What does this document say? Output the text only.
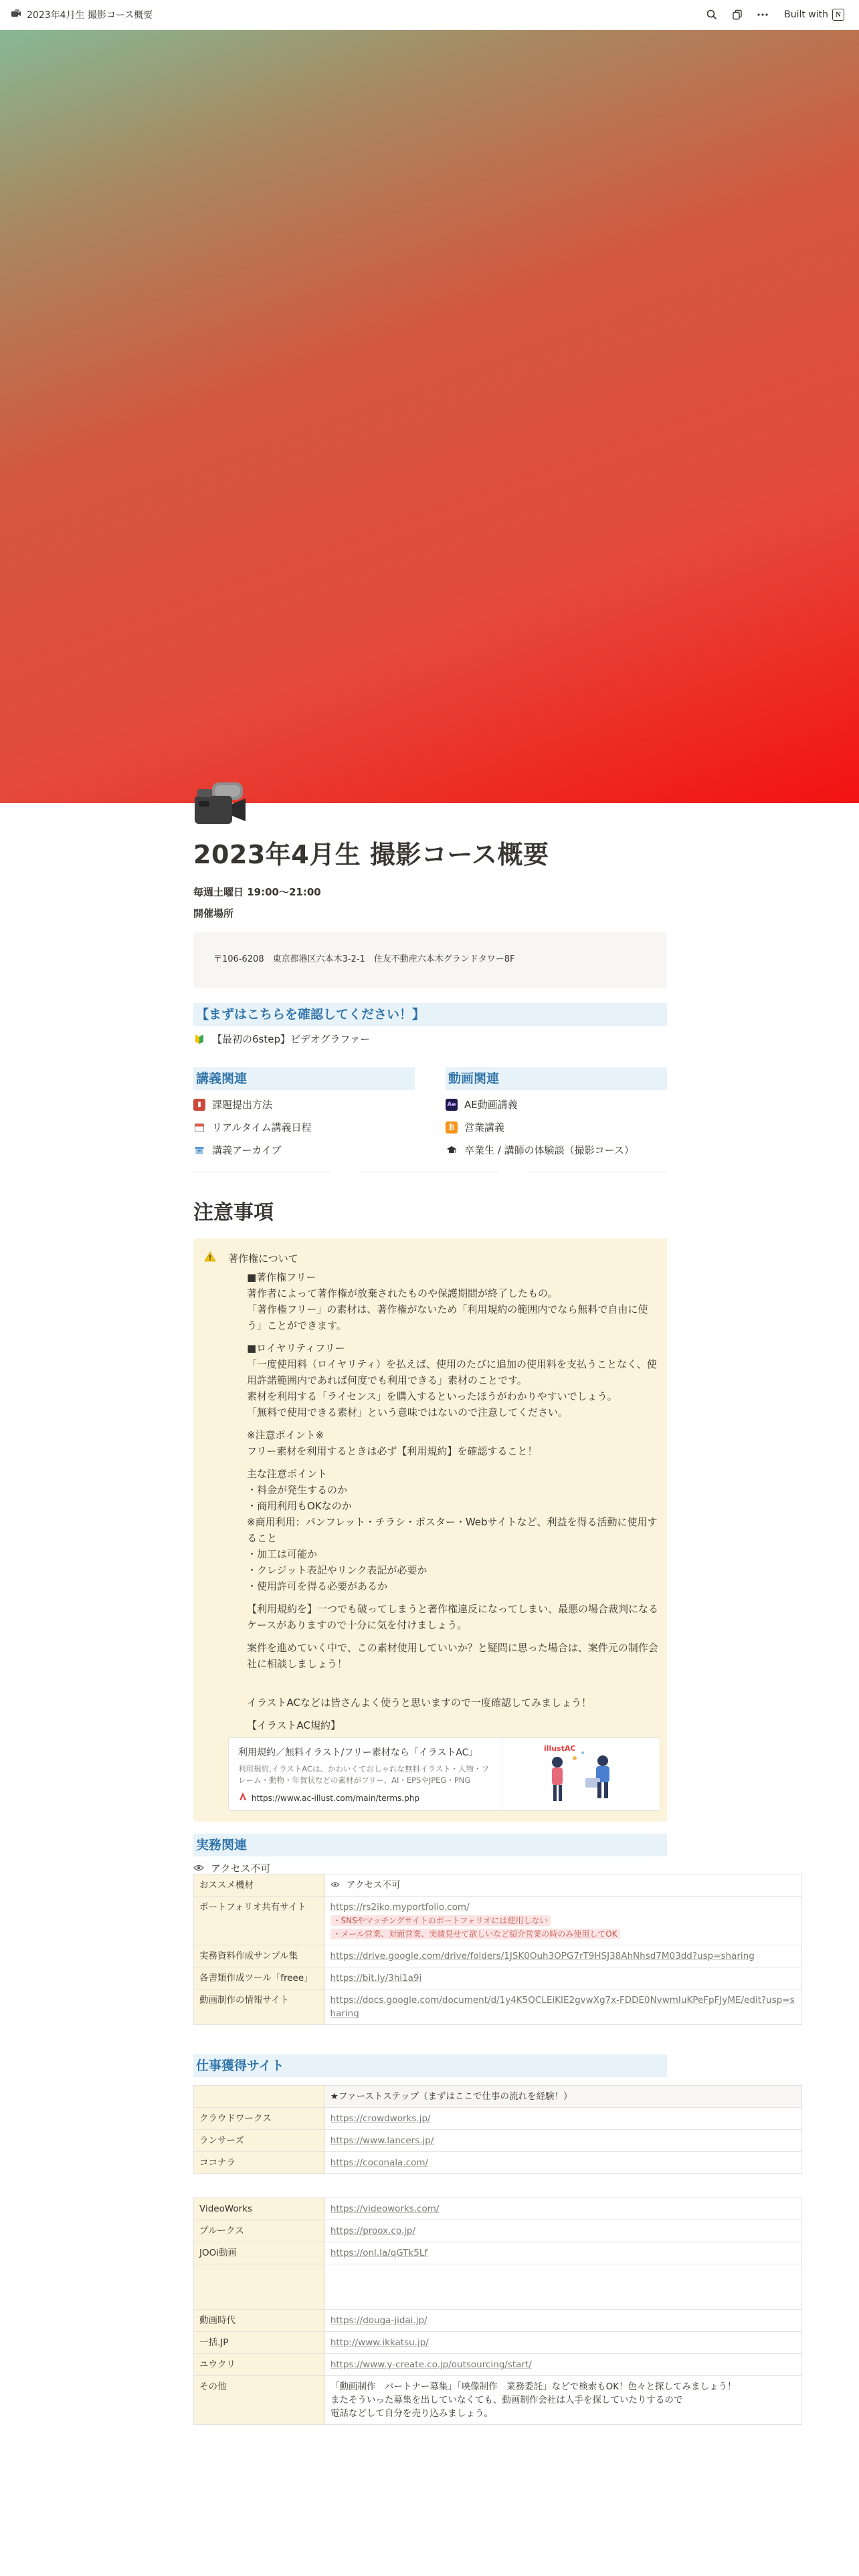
2023年4月生 撮影コース概要	Built with	N
2023年4月生 撮影コース概要
毎週土曜日 19:00〜21:00
開催場所
〒106-6208　東京都港区六本木3-2-1　住友不動産六本木グランドタワー8F
【まずはこちらを確認してください！】
【最初の6step】ビデオグラファー
講義関連
▮	課題提出方法
リアルタイム講義日程
講義アーカイブ
動画関連
Ae AE動画講義
₿ 営業講義
卒業生 / 講師の体験談（撮影コース）
注意事項

著作権について

■著作権フリー

著作者によって著作権が放棄されたものや保護期間が終了したもの。

「著作権フリー」の素材は、著作権がないため「利用規約の範囲内でなら無料で自由に使う」ことができます。

■ロイヤリティフリー

「一度使用料（ロイヤリティ）を払えば、使用のたびに追加の使用料を支払うことなく、使用許諾範囲内であれば何度でも利用できる」素材のことです。

素材を利用する「ライセンス」を購入するといったほうがわかりやすいでしょう。

「無料で使用できる素材」という意味ではないので注意してください。

※注意ポイント※

フリー素材を利用するときは必ず【利用規約】を確認すること！

主な注意ポイント

・料金が発生するのか

・商用利用もOKなのか

※商用利用：パンフレット・チラシ・ポスター・Webサイトなど、利益を得る活動に使用すること

・加工は可能か

・クレジット表記やリンク表記が必要か

・使用許可を得る必要があるか

【利用規約を】一つでも破ってしまうと著作権違反になってしまい、最悪の場合裁判になるケースがありますので十分に気を付けましょう。

案件を進めていく中で、この素材使用していいか？と疑問に思った場合は、案件元の制作会社に相談しましょう！

イラストACなどは皆さんよく使うと思いますので一度確認してみましょう！

【イラストAC規約】

利用規約／無料イラスト/フリー素材なら「イラストAC」
利用規約,イラストACは、かわいくておしゃれな無料イラスト・人物・フレーム・動物・年賀状などの素材がフリー、AI・EPSやJPEG・PNG
https://www.ac-illust.com/main/terms.php
illustAC
実務関連
アクセス不可
おススメ機材	アクセス不可
ポートフォリオ共有サイト	https://rs2iko.myportfolio.com/
・SNSやマッチングサイトのポートフォリオには使用しない
・メール営業、対面営業、実績見せて欲しいなど紹介営業の時のみ使用してOK

実務資料作成サンプル集	https://drive.google.com/drive/folders/1JSK0Ouh3OPG7rT9HSJ38AhNhsd7M03dd?usp=sharing
各書類作成ツール「freee」	https://bit.ly/3hi1a9i
動画制作の情報サイト	https://docs.google.com/document/d/1y4K5QCLEiKIE2gvwXg7x-FDDE0NvwmIuKPeFpFJyME/edit?usp=sharing
仕事獲得サイト
	★ファーストステップ（まずはここで仕事の流れを経験！）
クラウドワークス	https://crowdworks.jp/
ランサーズ	https://www.lancers.jp/
ココナラ	https://coconala.com/
VideoWorks	https://videoworks.com/
プルークス	https://proox.co.jp/
JOOi動画	https://onl.la/qGTk5Lf

動画時代	https://douga-jidai.jp/
一括.JP	http://www.ikkatsu.jp/
ユウクリ	https://www.y-create.co.jp/outsourcing/start/
その他	「動画制作　パートナー募集」「映像制作　業務委託」などで検索もOK！色々と探してみましょう！
またそういった募集を出していなくても、動画制作会社は人手を探していたりするので
電話などして自分を売り込みましょう。
